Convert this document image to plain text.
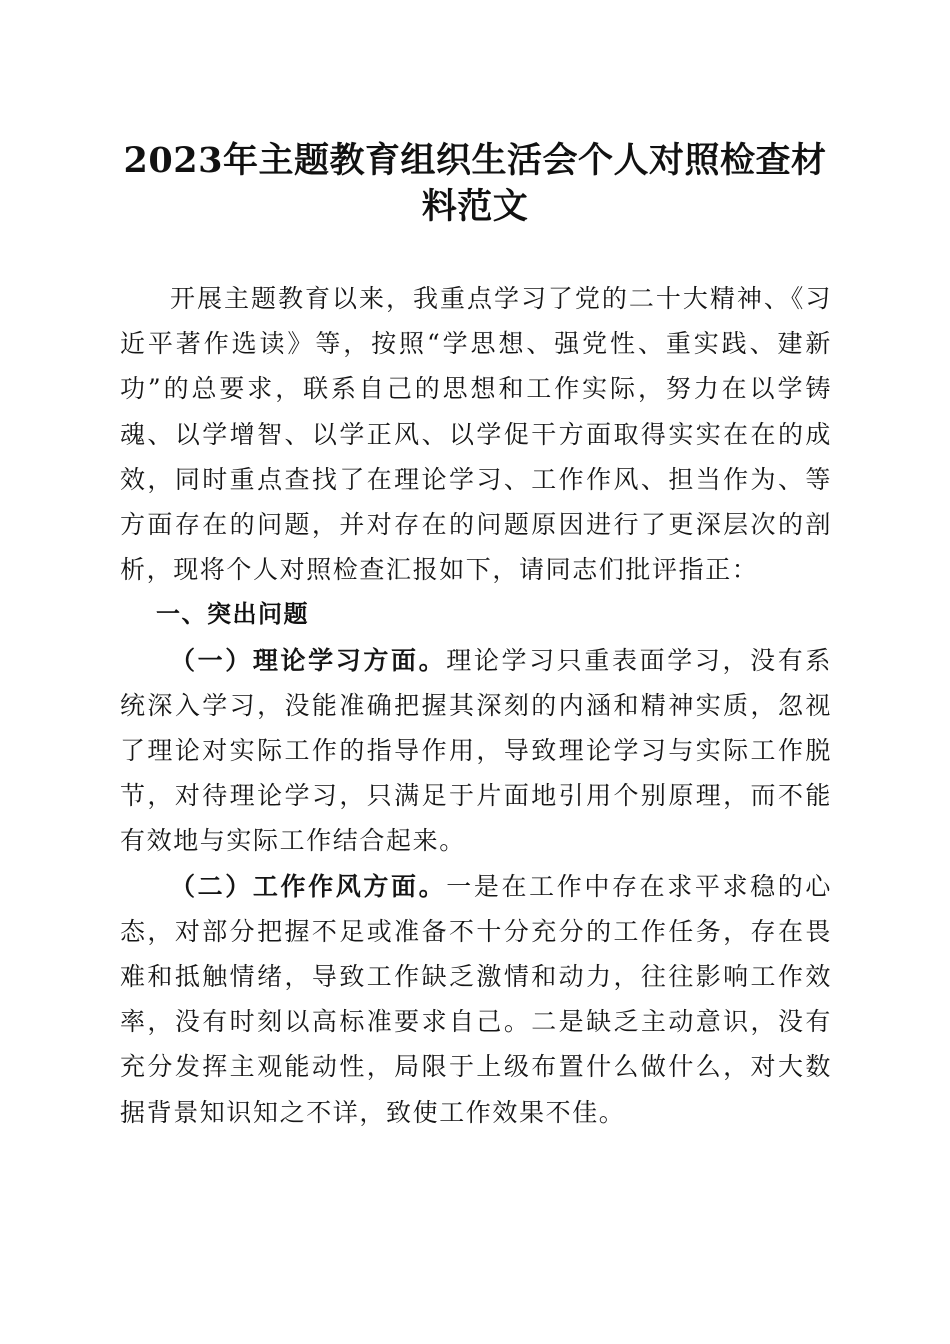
2023年主题教育组织生活会个人对照检查材料范文

开展主题教育以来，我重点学习了党的二十大精神、《习近平著作选读》等，按照“学思想、强党性、重实践、建新功”的总要求，联系自己的思想和工作实际，努力在以学铸魂、以学增智、以学正风、以学促干方面取得实实在在的成效，同时重点查找了在理论学习、工作作风、担当作为、等方面存在的问题，并对存在的问题原因进行了更深层次的剖析，现将个人对照检查汇报如下，请同志们批评指正：

一、突出问题

（一）理论学习方面。理论学习只重表面学习，没有系统深入学习，没能准确把握其深刻的内涵和精神实质，忽视了理论对实际工作的指导作用，导致理论学习与实际工作脱节，对待理论学习，只满足于片面地引用个别原理，而不能有效地与实际工作结合起来。

（二）工作作风方面。一是在工作中存在求平求稳的心态，对部分把握不足或准备不十分充分的工作任务，存在畏难和抵触情绪，导致工作缺乏激情和动力，往往影响工作效率，没有时刻以高标准要求自己。二是缺乏主动意识，没有充分发挥主观能动性，局限于上级布置什么做什么，对大数据背景知识知之不详，致使工作效果不佳。
